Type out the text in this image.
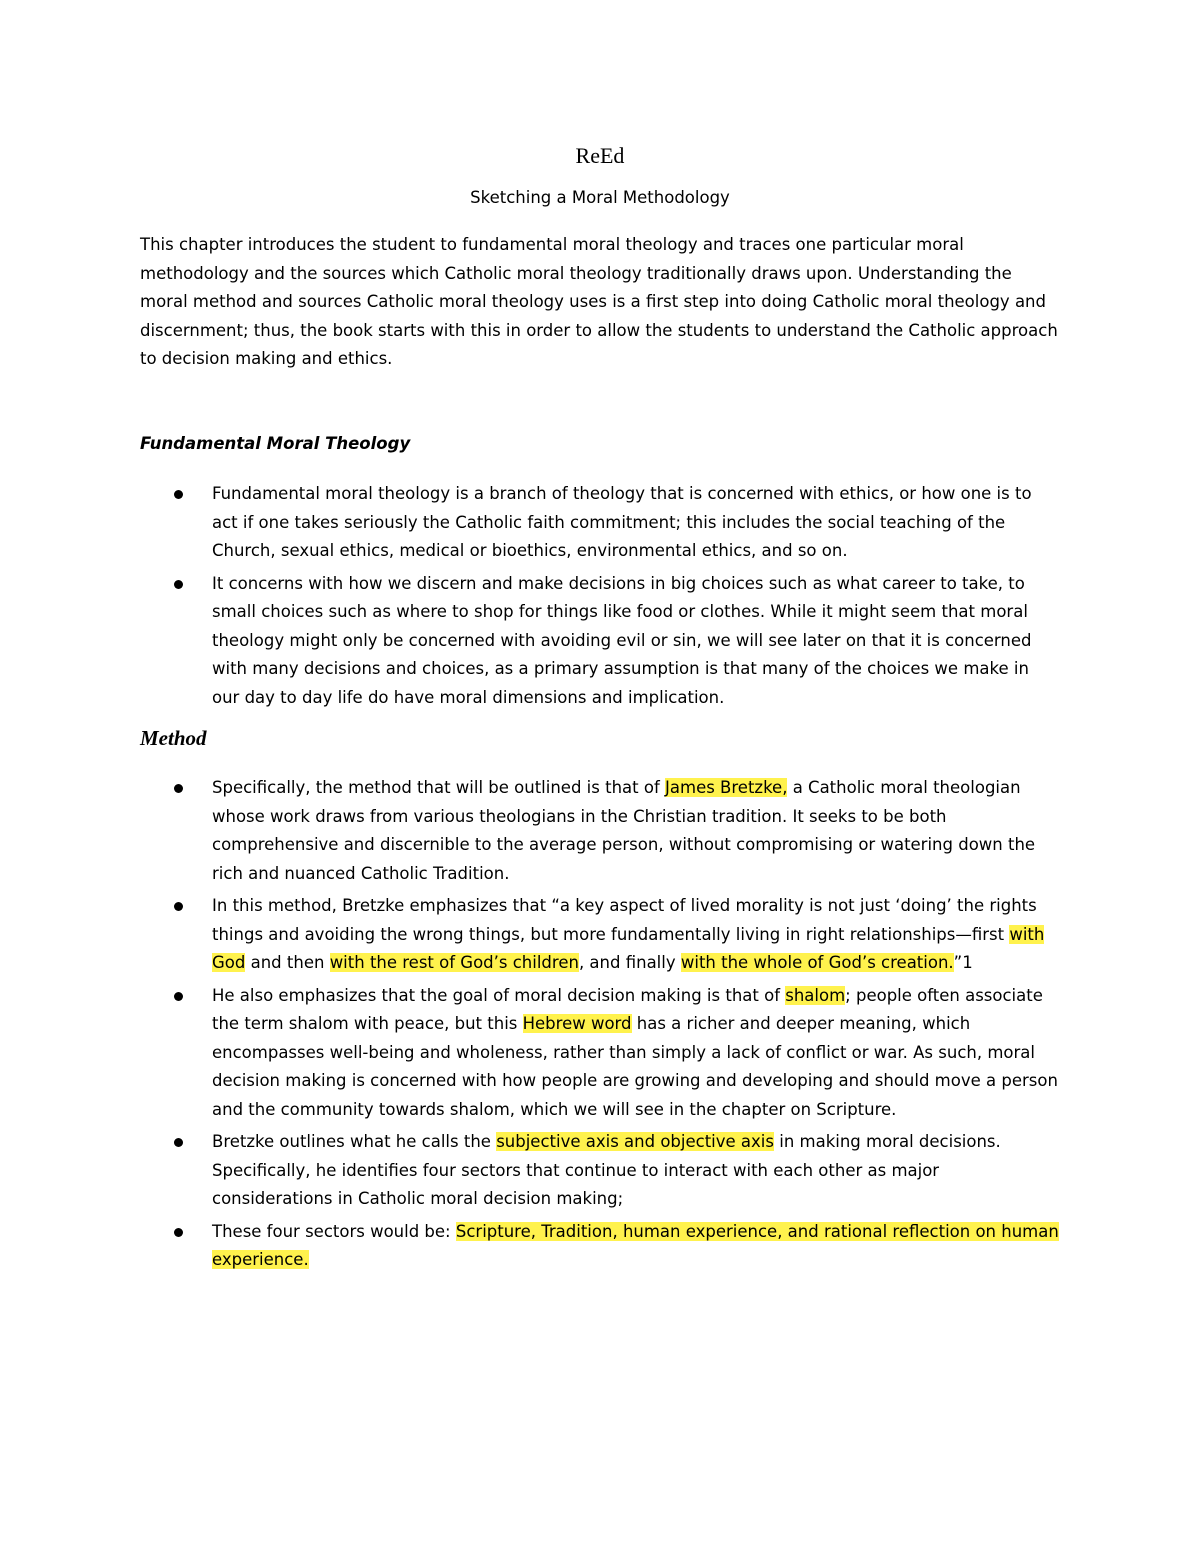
ReEd
Sketching a Moral Methodology

This chapter introduces the student to fundamental moral theology and traces one particular moral methodology and the sources which Catholic moral theology traditionally draws upon. Understanding the moral method and sources Catholic moral theology uses is a first step into doing Catholic moral theology and discernment; thus, the book starts with this in order to allow the students to understand the Catholic approach to decision making and ethics.

Fundamental Moral Theology
Fundamental moral theology is a branch of theology that is concerned with ethics, or how one is to act if one takes seriously the Catholic faith commitment; this includes the social teaching of the Church, sexual ethics, medical or bioethics, environmental ethics, and so on.
It concerns with how we discern and make decisions in big choices such as what career to take, to small choices such as where to shop for things like food or clothes. While it might seem that moral theology might only be concerned with avoiding evil or sin, we will see later on that it is concerned with many decisions and choices, as a primary assumption is that many of the choices we make in our day to day life do have moral dimensions and implication.
Method
Specifically, the method that will be outlined is that of James Bretzke, a Catholic moral theologian whose work draws from various theologians in the Christian tradition. It seeks to be both comprehensive and discernible to the average person, without compromising or watering down the rich and nuanced Catholic Tradition.
In this method, Bretzke emphasizes that “a key aspect of lived morality is not just ‘doing’ the rights things and avoiding the wrong things, but more fundamentally living in right relationships—first with God and then with the rest of God’s children, and finally with the whole of God’s creation.”1
He also emphasizes that the goal of moral decision making is that of shalom; people often associate the term shalom with peace, but this Hebrew word has a richer and deeper meaning, which encompasses well-being and wholeness, rather than simply a lack of conflict or war. As such, moral decision making is concerned with how people are growing and developing and should move a person and the community towards shalom, which we will see in the chapter on Scripture.
Bretzke outlines what he calls the subjective axis and objective axis in making moral decisions. Specifically, he identifies four sectors that continue to interact with each other as major considerations in Catholic moral decision making;
These four sectors would be: Scripture, Tradition, human experience, and rational reflection on human experience.
